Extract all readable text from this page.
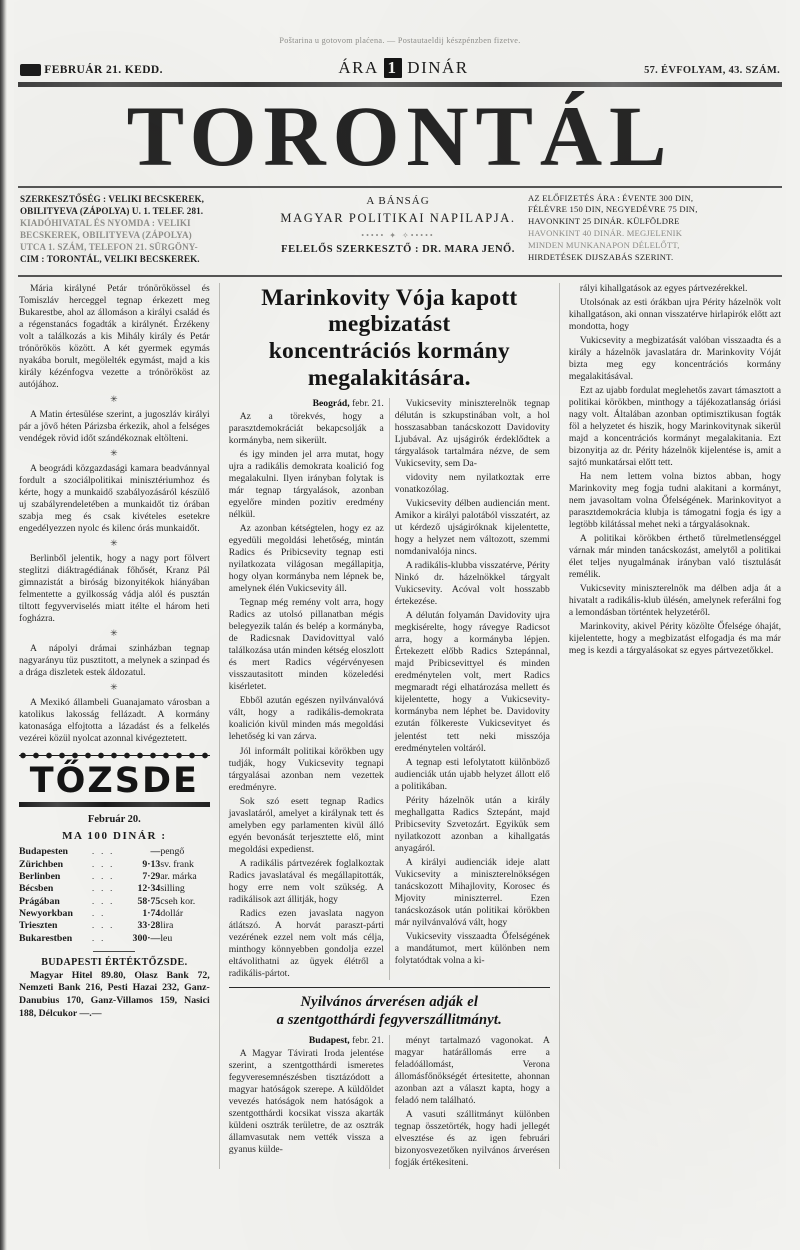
Poštarina u gotovom plaćena. — Postautaeldij készpénzben fizetve.
FEBRUÁR 21. KEDD.	ÁRA 1 DINÁR	57. ÉVFOLYAM, 43. SZÁM.
TORONTÁL
SZERKESZTŐSÉG : VELIKI BECSKEREK,
OBILITYEVA (ZÁPOLYA) U. 1. TELEF. 281.
KIADÓHIVATAL ÉS NYOMDA : VELIKI
BECSKEREK, OBILITYEVA (ZÁPOLYA)
UTCA 1. SZÁM, TELEFON 21. SÜRGÖNY-
CIM : TORONTÁL, VELIKI BECSKEREK.
A BÁNSÁG
MAGYAR POLITIKAI NAPILAPJA.
••••• ✦ ✧•••••
FELELŐS SZERKESZTŐ : DR. MARA JENŐ.
AZ ELŐFIZETÉS ÁRA : ÉVENTE 300 DIN,
FÉLÉVRE 150 DIN, NEGYEDÉVRE 75 DIN,
HAVONKINT 25 DINÁR. KÜLFÖLDRE
HAVONKINT 40 DINÁR. MEGJELENIK
MINDEN MUNKANAPON DÉLELŐTT,
HIRDETÉSEK DIJSZABÁS SZERINT.

Mária királyné Petár trónörökössel és Tomiszláv herceggel tegnap érkezett meg Bukarestbe, ahol az állomáson a királyi család és a régenstanács fogadták a királynét. Érzékeny volt a találkozás a kis Mihály király és Petár trónörökös között. A két gyermek egymás nyakába borult, megölelték egymást, majd a kis király kézénfogva vezette a trónörököst az autójához.

✳

A Matin értesülése szerint, a jugoszláv királyi pár a jövő héten Párizsba érkezik, ahol a felséges vendégek rövid időt szándékoznak eltölteni.

✳

A beográdi közgazdasági kamara beadvánnyal fordult a szociálpolitikai minisztériumhoz és kérte, hogy a munkaidő szabályozásáról készülő uj szabályrendeletében a munkaidőt tiz órában szabja meg és csak kivételes esetekre engedélyezzen nyolc és kilenc órás munkaidőt.

✳

Berlinből jelentik, hogy a nagy port fölvert steglitzi diáktragédiának főhősét, Kranz Pál gimnazistát a biróság bizonyitékok hiányában felmentette a gyilkosság vádja alól és pusztán tiltott fegyverviselés miatt itélte el három heti fogházra.

✳

A nápolyi drámai szinházban tegnap nagyarányu tüz pusztitott, a melynek a szinpad és a drága diszletek estek áldozatul.

✳

A Mexikó állambeli Guanajamato városban a katolikus lakosság fellázadt. A kormány katonasága elfojtotta a lázadást és a felkelés vezérei közül nyolcat azonnal kivégeztetett.

TŐZSDE
Február 20.
MA 100 DINÁR :
Budapesten	. . .	—	pengő
Zürichben	. . .	9·13	sv. frank
Berlinben	. . .	7·29	ar. márka
Bécsben	. . .	12·34	silling
Prágában	. . .	58·75	cseh kor.
Newyorkban	. .	1·74	dollár
Trieszten	. . .	33·28	lira
Bukarestben	. .	300·—	leu
BUDAPESTI ÉRTÉKTŐZSDE.
Magyar Hitel 89.80, Olasz Bank 72, Nemzeti Bank 216, Pesti Hazai 232, Ganz-Danubius 170, Ganz-Villamos 159, Nasici 188, Délcukor —.—
Marinkovity Vója kapott megbizatást
koncentrációs kormány megalakitására.

Beográd, febr. 21.

Az a törekvés, hogy a parasztdemokráciát bekapcsolják a kormányba, nem sikerült.

és igy minden jel arra mutat, hogy ujra a radikális demokrata koalició fog megalakulni. Ilyen irányban folytak is már tegnap tárgyalások, azonban egyelőre minden pozitiv eredmény nélkül.

Az azonban kétségtelen, hogy ez az egyedüli megoldási lehetőség, mintán Radics és Pribicsevity tegnap esti nyilatkozata világosan megállapitja, hogy olyan kormányba nem lépnek be, amelynek élén Vukicsevity áll.

Tegnap még remény volt arra, hogy Radics az utolsó pillanatban mégis belegyezik talán és belép a kormányba, de Radicsnak Davidovittyal való találkozása után minden kétség eloszlott és mert Radics végérvényesen visszautasitott minden közeledési kisérletet.

Ebből azután egészen nyilvánvalóvá vált, hogy a radikális-demokrata koalición kivül minden más megoldási lehetőség ki van zárva.

Jól informált politikai körökben ugy tudják, hogy Vukicsevity tegnapi tárgyalásai azonban nem vezettek eredményre.

Sok szó esett tegnap Radics javaslatáról, amelyet a királynak tett és amelyben egy parlamenten kivül álló egyén bevonását terjesztette elő, mint megoldási expedienst.

A radikális pártvezérek foglalkoztak Radics javaslatával és megállapitották, hogy erre nem volt szükség. A radikálisok azt állitják, hogy

Radics ezen javaslata nagyon átlátszó. A horvát paraszt-párti vezérének ezzel nem volt más célja, minthogy könnyebben gondolja ezzel eltávolithatni az ügyek élétről a radikális-pártot.

Vukicsevity miniszterelnök tegnap délután is szkupstinában volt, a hol hosszasabban tanácskozott Davidovity Ljubával. Az ujságirók érdeklődtek a tárgyalások tartalmára nézve, de sem Vukicsevity, sem Da-

vidovity nem nyilatkoztak erre vonatkozólag.

Vukicsevity délben audiencián ment. Amikor a királyi palotából visszatért, az ut kérdező ujságiróknak kijelentette, hogy a helyzet nem változott, szemmi nomdanivalója nincs.

A radikális-klubba visszatérve, Périty Ninkó dr. házelnökkel tárgyalt Vukicsevity. Acóval volt hosszabb értekezése.

A délután folyamán Davidovity ujra megkisérelte, hogy rávegye Radicsot arra, hogy a kormányba lépjen. Értekezett előbb Radics Sztepánnal, majd Pribicsevittyel és minden eredménytelen volt, mert Radics megmaradt régi elhatározása mellett és kijelentette, hogy a Vukicsevity-kormányba nem léphet be. Davidovity ezután fölkereste Vukicsevityet és jelentést tett neki misszója eredménytelen voltáról.

A tegnap esti lefolytatott különböző audienciák után ujabb helyzet állott elő a politikában.

Périty házelnök után a király meghallgatta Radics Sztepánt, majd Pribicsevity Szvetozárt. Egyikük sem nyilatkozott azonban a kihallgatás anyagáról.

A királyi audienciák ideje alatt Vukicsevity a miniszterelnökségen tanácskozott Mihajlovity, Korosec és Mjovity miniszterrel. Ezen tanácskozások után politikai körökben már nyilvánvalóvá vált, hogy

Vukicsevity visszaadta Őfelségének a mandátumot, mert különben nem folytatódtak volna a ki-

Nyilvános árverésen adják el
a szentgotthárdi fegyverszállitmányt.

Budapest, febr. 21.

A Magyar Távirati Iroda jelentése szerint, a szentgotthárdi ismeretes fegyveresemnészésben tisztázódott a magyar hatóságok szerepe. A küldöldet vevezés hatóságok nem hatóságok a szentgotthárdi kocsikat vissza akarták küldeni osztrák területre, de az osztrák államvasutak nem vették vissza a gyanus külde-

ményt tartalmazó vagonokat. A magyar határállomás erre a feladóállomást, Verona állomásfőnökségét értesitette, ahonnan azonban azt a választ kapta, hogy a feladó nem található.

A vasuti szállitmányt különben tegnap összetörték, hogy hadi jellegét elvesztése és az igen februári bizonyosvezetőken nyilvános árverésen fogják értékesiteni.

rályi kihallgatások az egyes pártvezérekkel.

Utolsónak az esti órákban ujra Périty házelnök volt kihallgatáson, aki onnan visszatérve hirlapirók előtt azt mondotta, hogy

Vukicsevity a megbizatását valóban visszaadta és a király a házelnök javaslatára dr. Marinkovity Vóját bizta meg egy koncentrációs kormány megalakitásával.

Ezt az ujabb fordulat meglehetős zavart támasztott a politikai körökben, minthogy a tájékozatlanság óriási nagy volt. Általában azonban optimisztikusan fogták föl a helyzetet és hiszik, hogy Marinkovitynak sikerül majd a koncentrációs kormányt megalakitania. Ezt bizonyitja az dr. Périty házelnök kijelentése is, amit a sajtó munkatársai előtt tett.

Ha nem lettem volna biztos abban, hogy Marinkovity meg fogja tudni alakitani a kormányt, nem javasoltam volna Őfelségének. Marinkovityot a parasztdemokrácia klubja is támogatni fogja és igy a legtöbb kilátással mehet neki a tárgyalásoknak.

A politikai körökben érthető türelmetlenséggel várnak már minden tanácskozást, amelytől a politikai élet teljes nyugalmának irányban való tisztulását remélik.

Vukicsevity miniszterelnök ma délben adja át a hivatalt a radikális-klub ülésén, amelynek referálni fog a lemondásban történtek helyzetéről.

Marinkovity, akivel Périty közölte Őfelsége óhaját, kijelentette, hogy a megbizatást elfogadja és ma már meg is kezdi a tárgyalásokat sz egyes pártvezetőkkel.
